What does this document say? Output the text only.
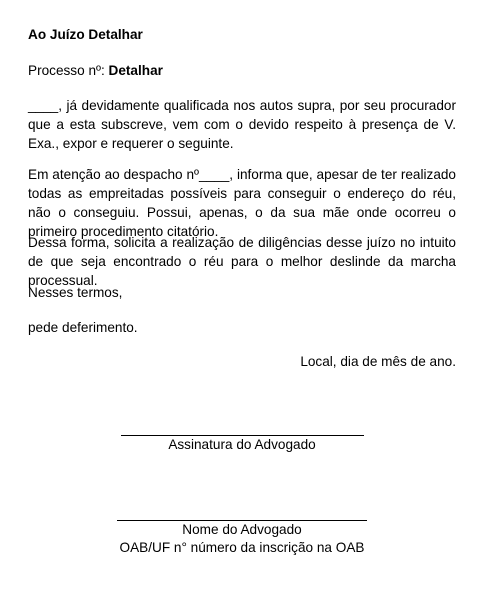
Ao Juízo Detalhar
Processo nº: Detalhar
____, já devidamente qualificada nos autos supra, por seu procurador que a esta subscreve, vem com o devido respeito à presença de V. Exa., expor e requerer o seguinte.
Em atenção ao despacho nº____, informa que, apesar de ter realizado todas as empreitadas possíveis para conseguir o endereço do réu, não o conseguiu. Possui, apenas, o da sua mãe onde ocorreu o primeiro procedimento citatório.
Dessa forma, solicita a realização de diligências desse juízo no intuito de que seja encontrado o réu para o melhor deslinde da marcha processual.
Nesses termos,
pede deferimento.
Local, dia de mês de ano.
Assinatura do Advogado
Nome do Advogado
OAB/UF n° número da inscrição na OAB
